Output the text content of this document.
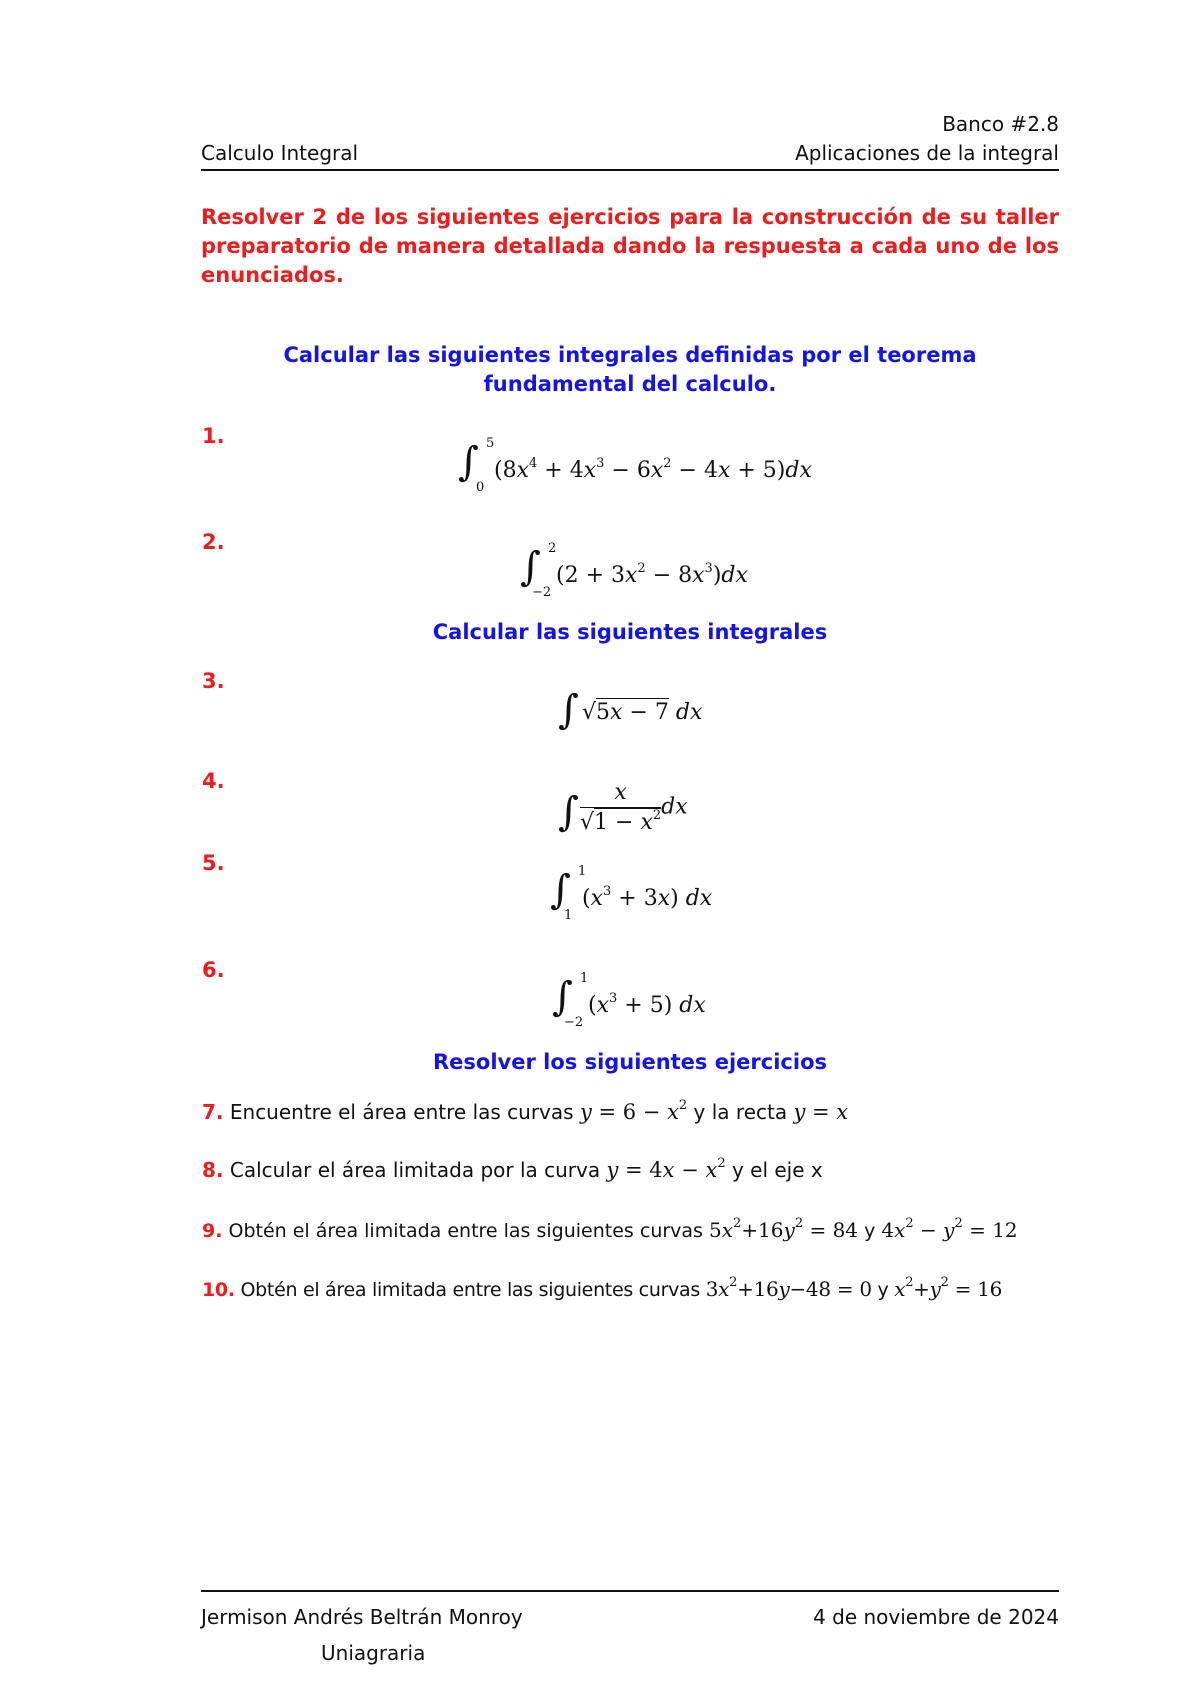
Banco #2.8
Calculo Integral	Aplicaciones de la integral
Resolver 2 de los siguientes ejercicios para la construcción de su taller preparatorio de manera detallada dando la respuesta a cada uno de los enunciados.
Calcular las siguientes integrales definidas por el teorema fundamental del calculo.
1.
∫ 5
0
$(8x^4 + 4x^3 - 6x^2 - 4x + 5)dx$
2.
∫ 2
−2
$(2 + 3x^2 - 8x^3)dx$
Calcular las siguientes integrales
3.
∫ √5x − 7 dx
4.
∫ $\frac{x}{√1 - x^2}$ dx
5.
∫ 1
1
$(x^3 + 3x)$ dx
6.
∫ 1
−2
$(x^3 + 5)$ dx
Resolver los siguientes ejercicios
7. Encuentre el área entre las curvas $y = 6 - x^2$ y la recta y = x
8. Calcular el área limitada por la curva $y = 4x - x^2$ y el eje x
9. Obtén el área limitada entre las siguientes curvas $5x^2+16y^2 = 84$ y $4x^2 - y^2 = 12$
10. Obtén el área limitada entre las siguientes curvas $3x^2+16y-48 = 0$ y $x^2+y^2 = 16$
Jermison Andrés Beltrán Monroy	4 de noviembre de 2024
Uniagraria
